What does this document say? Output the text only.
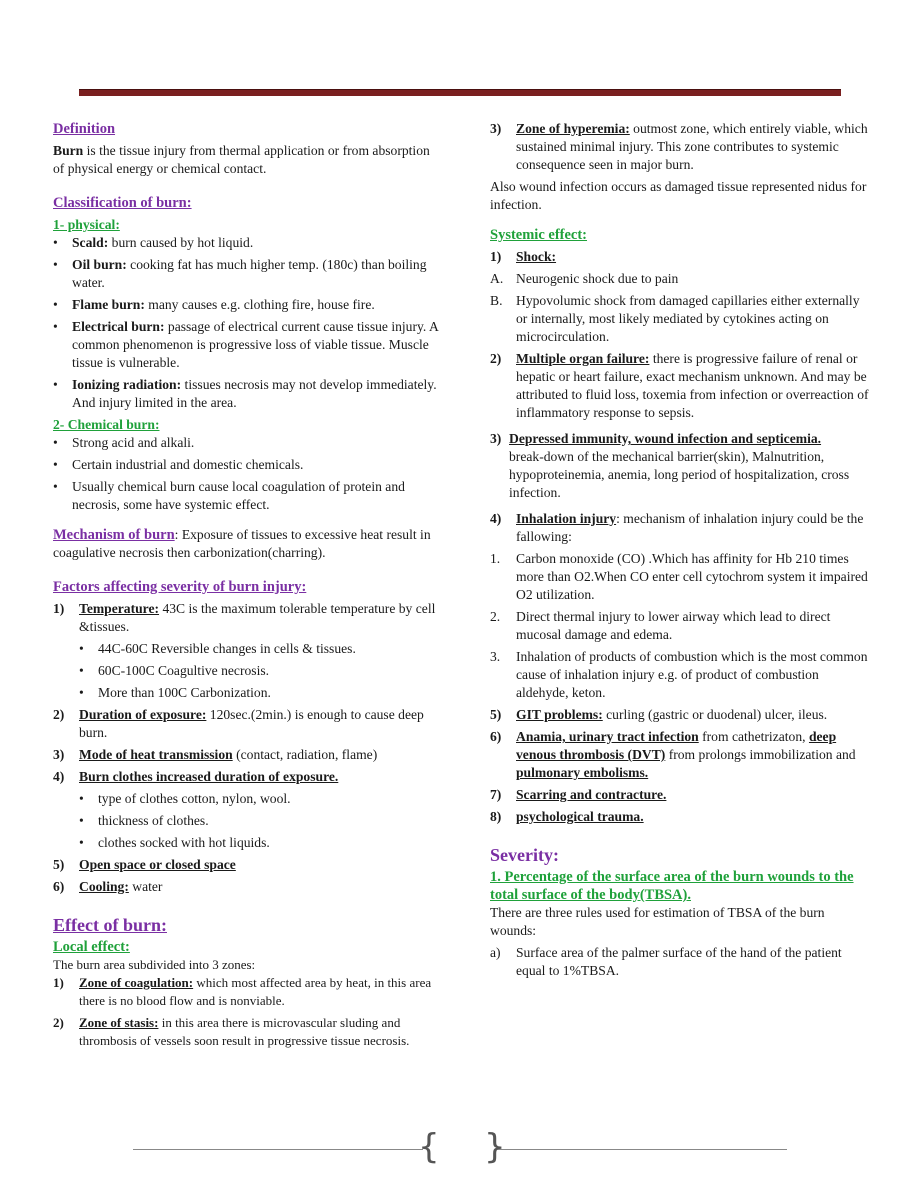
Definition
Burn is the tissue injury from thermal application or from absorption of physical energy or chemical contact.
Classification of burn:
1- physical:
• Scald: burn caused by hot liquid.
• Oil burn: cooking fat has much higher temp. (180c) than boiling water.
• Flame burn: many causes e.g. clothing fire, house fire.
• Electrical burn: passage of electrical current cause tissue injury. A common phenomenon is progressive loss of viable tissue. Muscle tissue is vulnerable.
• Ionizing radiation: tissues necrosis may not develop immediately. And injury limited in the area.
2- Chemical burn:
• Strong acid and alkali.
• Certain industrial and domestic chemicals.
• Usually chemical burn cause local coagulation of protein and necrosis, some have systemic effect.
Mechanism of burn: Exposure of tissues to excessive heat result in coagulative necrosis then carbonization(charring).
Factors affecting severity of burn injury:
1) Temperature: 43C is the maximum tolerable temperature by cell &tissues.
• 44C-60C Reversible changes in cells & tissues.
• 60C-100C Coagultive necrosis.
• More than 100C Carbonization.
2) Duration of exposure: 120sec.(2min.) is enough to cause deep burn.
3) Mode of heat transmission (contact, radiation, flame)
4) Burn clothes increased duration of exposure.
• type of clothes cotton, nylon, wool.
• thickness of clothes.
• clothes socked with hot liquids.
5) Open space or closed space
6) Cooling: water
Effect of burn:
Local effect:
The burn area subdivided into 3 zones:
1) Zone of coagulation: which most affected area by heat, in this area there is no blood flow and is nonviable.
2) Zone of stasis: in this area there is microvascular sluding and thrombosis of vessels soon result in progressive tissue necrosis.
3) Zone of hyperemia: outmost zone, which entirely viable, which sustained minimal injury. This zone contributes to systemic consequence seen in major burn.
Also wound infection occurs as damaged tissue represented nidus for infection.
Systemic effect:
1) Shock:
A. Neurogenic shock due to pain
B. Hypovolumic shock from damaged capillaries either externally or internally, most likely mediated by cytokines acting on microcirculation.
2) Multiple organ failure: there is progressive failure of renal or hepatic or heart failure, exact mechanism unknown. And may be attributed to fluid loss, toxemia from infection or overreaction of inflammatory response to sepsis.
3) Depressed immunity, wound infection and septicemia.
break-down of the mechanical barrier(skin), Malnutrition, hypoproteinemia, anemia, long period of hospitalization, cross infection.
4) Inhalation injury: mechanism of inhalation injury could be the fallowing:
1. Carbon monoxide (CO) .Which has affinity for Hb 210 times more than O2.When CO enter cell cytochrom system it impaired O2 utilization.
2. Direct thermal injury to lower airway which lead to direct mucosal damage and edema.
3. Inhalation of products of combustion which is the most common cause of inhalation injury e.g. of product of combustion aldehyde, keton.
5) GIT problems: curling (gastric or duodenal) ulcer, ileus.
6) Anamia, urinary tract infection from cathetrizaton, deep venous thrombosis (DVT) from prolongs immobilization and pulmonary embolisms.
7) Scarring and contracture.
8) psychological trauma.
Severity:
1. Percentage of the surface area of the burn wounds to the total surface of the body(TBSA).
There are three rules used for estimation of TBSA of the burn wounds:
a) Surface area of the palmer surface of the hand of the patient equal to 1%TBSA.
{ }
